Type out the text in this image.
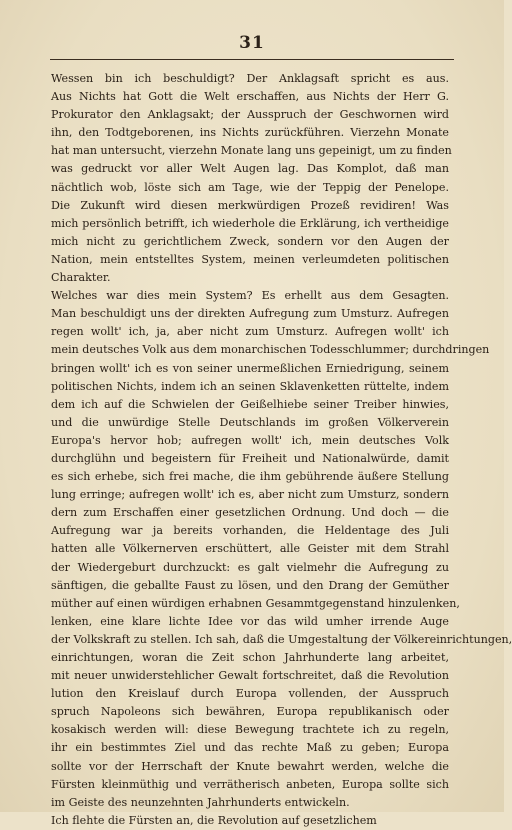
31
Wessen bin ich beschuldigt? Der Anklagsaft spricht es aus.
Aus Nichts hat Gott die Welt erschaffen, aus Nichts der Herr G.
Prokurator den Anklagsakt; der Ausspruch der Geschwornen wird
ihn, den Todtgeborenen, ins Nichts zurückführen. Vierzehn Monate
hat man untersucht, vierzehn Monate lang uns gepeinigt, um zu finden
was gedruckt vor aller Welt Augen lag. Das Komplot, daß man
nächtlich wob, löste sich am Tage, wie der Teppig der Penelope.
Die Zukunft wird diesen merkwürdigen Prozeß revidiren! Was
mich persönlich betrifft, ich wiederhole die Erklärung, ich vertheidige
mich nicht zu gerichtlichem Zweck, sondern vor den Augen der
Nation, mein entstelltes System, meinen verleumdeten politischen
Charakter.
Welches war dies mein System? Es erhellt aus dem Gesagten.
Man beschuldigt uns der direkten Aufregung zum Umsturz. Aufregen
regen wollt' ich, ja, aber nicht zum Umsturz. Aufregen wollt' ich
mein deutsches Volk aus dem monarchischen Todesschlummer; durchdringen
bringen wollt' ich es von seiner unermeßlichen Erniedrigung, seinem
politischen Nichts, indem ich an seinen Sklavenketten rüttelte, indem
dem ich auf die Schwielen der Geißelhiebe seiner Treiber hinwies,
und die unwürdige Stelle Deutschlands im großen Völkerverein
Europa's hervor hob; aufregen wollt' ich, mein deutsches Volk
durchglühn und begeistern für Freiheit und Nationalwürde, damit
es sich erhebe, sich frei mache, die ihm gebührende äußere Stellung
lung erringe; aufregen wollt' ich es, aber nicht zum Umsturz, sondern
dern zum Erschaffen einer gesetzlichen Ordnung. Und doch — die
Aufregung war ja bereits vorhanden, die Heldentage des Juli
hatten alle Völkernerven erschüttert, alle Geister mit dem Strahl
der Wiedergeburt durchzuckt: es galt vielmehr die Aufregung zu
sänftigen, die geballte Faust zu lösen, und den Drang der Gemüther
müther auf einen würdigen erhabnen Gesammtgegenstand hinzulenken,
lenken, eine klare lichte Idee vor das wild umher irrende Auge
der Volkskraft zu stellen. Ich sah, daß die Umgestaltung der Völkereinrichtungen,
einrichtungen, woran die Zeit schon Jahrhunderte lang arbeitet,
mit neuer unwiderstehlicher Gewalt fortschreitet, daß die Revolution
lution den Kreislauf durch Europa vollenden, der Ausspruch
spruch Napoleons sich bewähren, Europa republikanisch oder
kosakisch werden will: diese Bewegung trachtete ich zu regeln,
ihr ein bestimmtes Ziel und das rechte Maß zu geben; Europa
sollte vor der Herrschaft der Knute bewahrt werden, welche die
Fürsten kleinmüthig und verrätherisch anbeten, Europa sollte sich
im Geiste des neunzehnten Jahrhunderts entwickeln.
Ich flehte die Fürsten an, die Revolution auf gesetzlichem
